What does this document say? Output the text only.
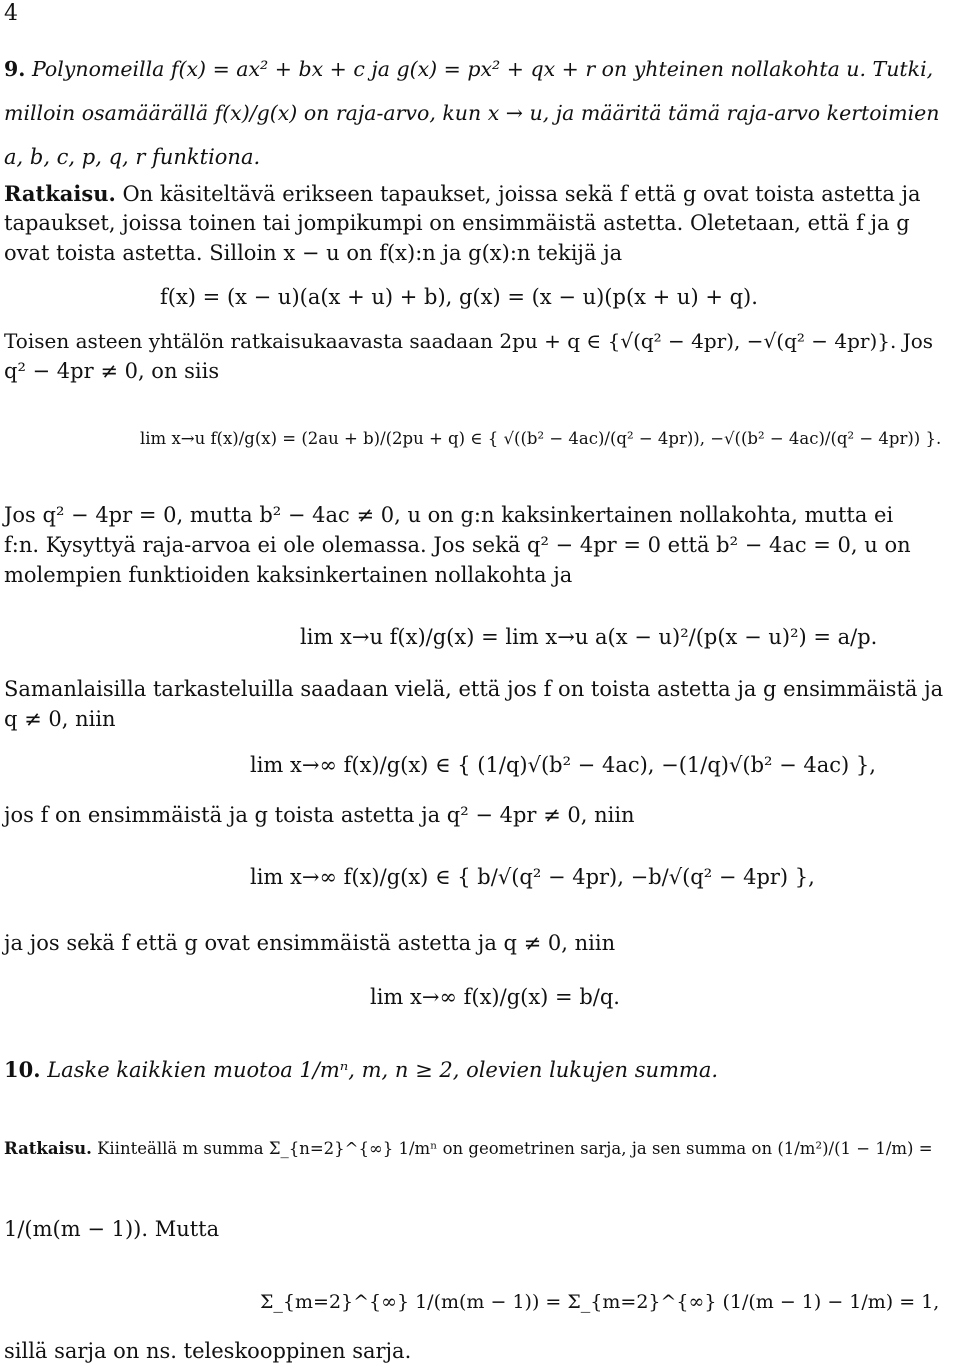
4
9. Polynomeilla f(x) = ax² + bx + c ja g(x) = px² + qx + r on yhteinen nollakohta u. Tutki,
milloin osamäärällä f(x)/g(x) on raja-arvo, kun x → u, ja määritä tämä raja-arvo kertoimien
a, b, c, p, q, r funktiona.
Ratkaisu. On käsiteltävä erikseen tapaukset, joissa sekä f että g ovat toista astetta ja
tapaukset, joissa toinen tai jompikumpi on ensimmäistä astetta. Oletetaan, että f ja g
ovat toista astetta. Silloin x − u on f(x):n ja g(x):n tekijä ja
f(x) = (x − u)(a(x + u) + b), g(x) = (x − u)(p(x + u) + q).
Toisen asteen yhtälön ratkaisukaavasta saadaan 2pu + q ∈ {√(q² − 4pr), −√(q² − 4pr)}. Jos
q² − 4pr ≠ 0, on siis
lim x→u f(x)/g(x) = (2au + b)/(2pu + q) ∈ { √((b² − 4ac)/(q² − 4pr)), −√((b² − 4ac)/(q² − 4pr)) }.
Jos q² − 4pr = 0, mutta b² − 4ac ≠ 0, u on g:n kaksinkertainen nollakohta, mutta ei
f:n. Kysyttyä raja-arvoa ei ole olemassa. Jos sekä q² − 4pr = 0 että b² − 4ac = 0, u on
molempien funktioiden kaksinkertainen nollakohta ja
lim x→u f(x)/g(x) = lim x→u a(x − u)²/(p(x − u)²) = a/p.
Samanlaisilla tarkasteluilla saadaan vielä, että jos f on toista astetta ja g ensimmäistä ja
q ≠ 0, niin
lim x→∞ f(x)/g(x) ∈ { (1/q)√(b² − 4ac), −(1/q)√(b² − 4ac) },
jos f on ensimmäistä ja g toista astetta ja q² − 4pr ≠ 0, niin
lim x→∞ f(x)/g(x) ∈ { b/√(q² − 4pr), −b/√(q² − 4pr) },
ja jos sekä f että g ovat ensimmäistä astetta ja q ≠ 0, niin
lim x→∞ f(x)/g(x) = b/q.
10. Laske kaikkien muotoa 1/mⁿ, m, n ≥ 2, olevien lukujen summa.
Ratkaisu. Kiinteällä m summa Σ_{n=2}^{∞} 1/mⁿ on geometrinen sarja, ja sen summa on (1/m²)/(1 − 1/m) =
1/(m(m − 1)). Mutta
Σ_{m=2}^{∞} 1/(m(m − 1)) = Σ_{m=2}^{∞} (1/(m − 1) − 1/m) = 1,
sillä sarja on ns. teleskooppinen sarja.
